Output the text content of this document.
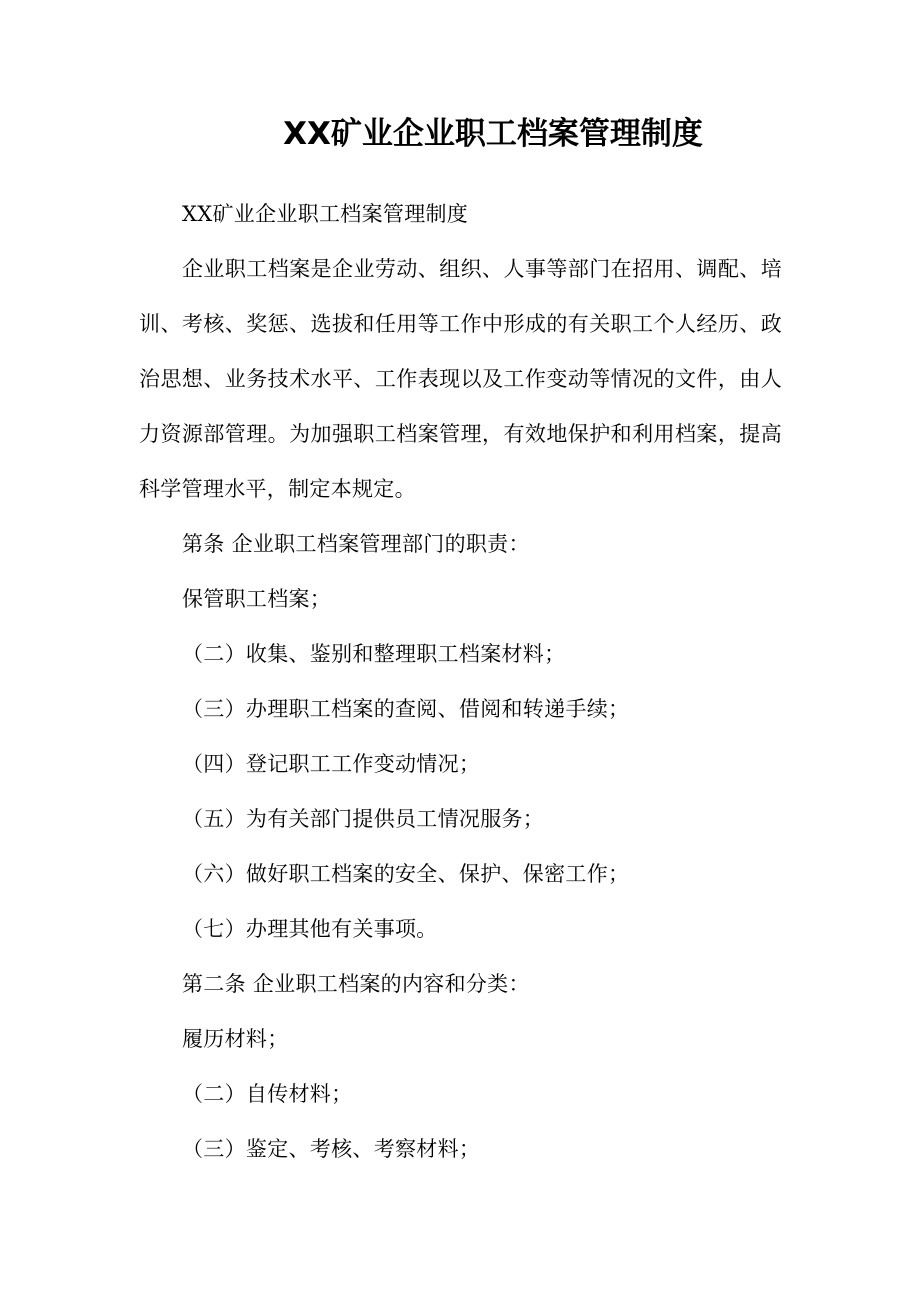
XX矿业企业职工档案管理制度

XX矿业企业职工档案管理制度

企业职工档案是企业劳动、组织、人事等部门在招用、调配、培训、考核、奖惩、选拔和任用等工作中形成的有关职工个人经历、政治思想、业务技术水平、工作表现以及工作变动等情况的文件，由人力资源部管理。为加强职工档案管理，有效地保护和利用档案，提高科学管理水平，制定本规定。

第条 企业职工档案管理部门的职责：

保管职工档案；

（二）收集、鉴别和整理职工档案材料；

（三）办理职工档案的查阅、借阅和转递手续；

（四）登记职工工作变动情况；

（五）为有关部门提供员工情况服务；

（六）做好职工档案的安全、保护、保密工作；

（七）办理其他有关事项。

第二条 企业职工档案的内容和分类：

履历材料；

（二）自传材料；

（三）鉴定、考核、考察材料；
